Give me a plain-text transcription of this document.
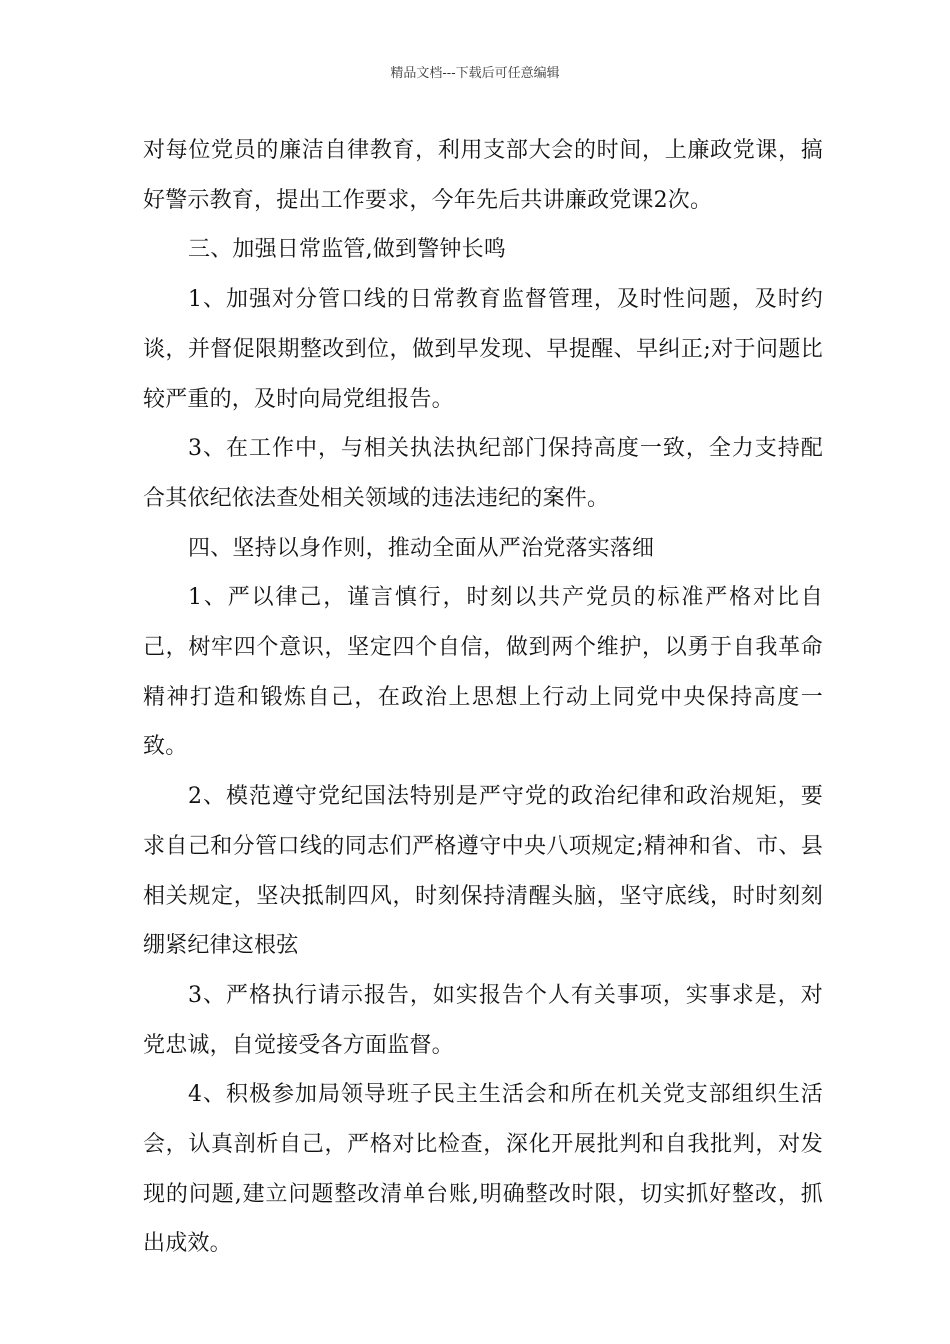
精品文档---下载后可任意编辑

对每位党员的廉洁自律教育，利用支部大会的时间，上廉政党课，搞好警示教育，提出工作要求，今年先后共讲廉政党课2次。

三、加强日常监管,做到警钟长鸣

1、加强对分管口线的日常教育监督管理，及时性问题，及时约谈，并督促限期整改到位，做到早发现、早提醒、早纠正;对于问题比较严重的，及时向局党组报告。

3、在工作中，与相关执法执纪部门保持高度一致，全力支持配合其依纪依法查处相关领域的违法违纪的案件。

四、坚持以身作则，推动全面从严治党落实落细

1、严以律己，谨言慎行，时刻以共产党员的标准严格对比自己，树牢四个意识，坚定四个自信，做到两个维护，以勇于自我革命精神打造和锻炼自己，在政治上思想上行动上同党中央保持高度一致。

2、模范遵守党纪国法特别是严守党的政治纪律和政治规矩，要求自己和分管口线的同志们严格遵守中央八项规定;精神和省、市、县相关规定，坚决抵制四风，时刻保持清醒头脑，坚守底线，时时刻刻绷紧纪律这根弦

3、严格执行请示报告，如实报告个人有关事项，实事求是，对党忠诚，自觉接受各方面监督。

4、积极参加局领导班子民主生活会和所在机关党支部组织生活会，认真剖析自己，严格对比检查，深化开展批判和自我批判，对发现的问题,建立问题整改清单台账,明确整改时限，切实抓好整改，抓出成效。
